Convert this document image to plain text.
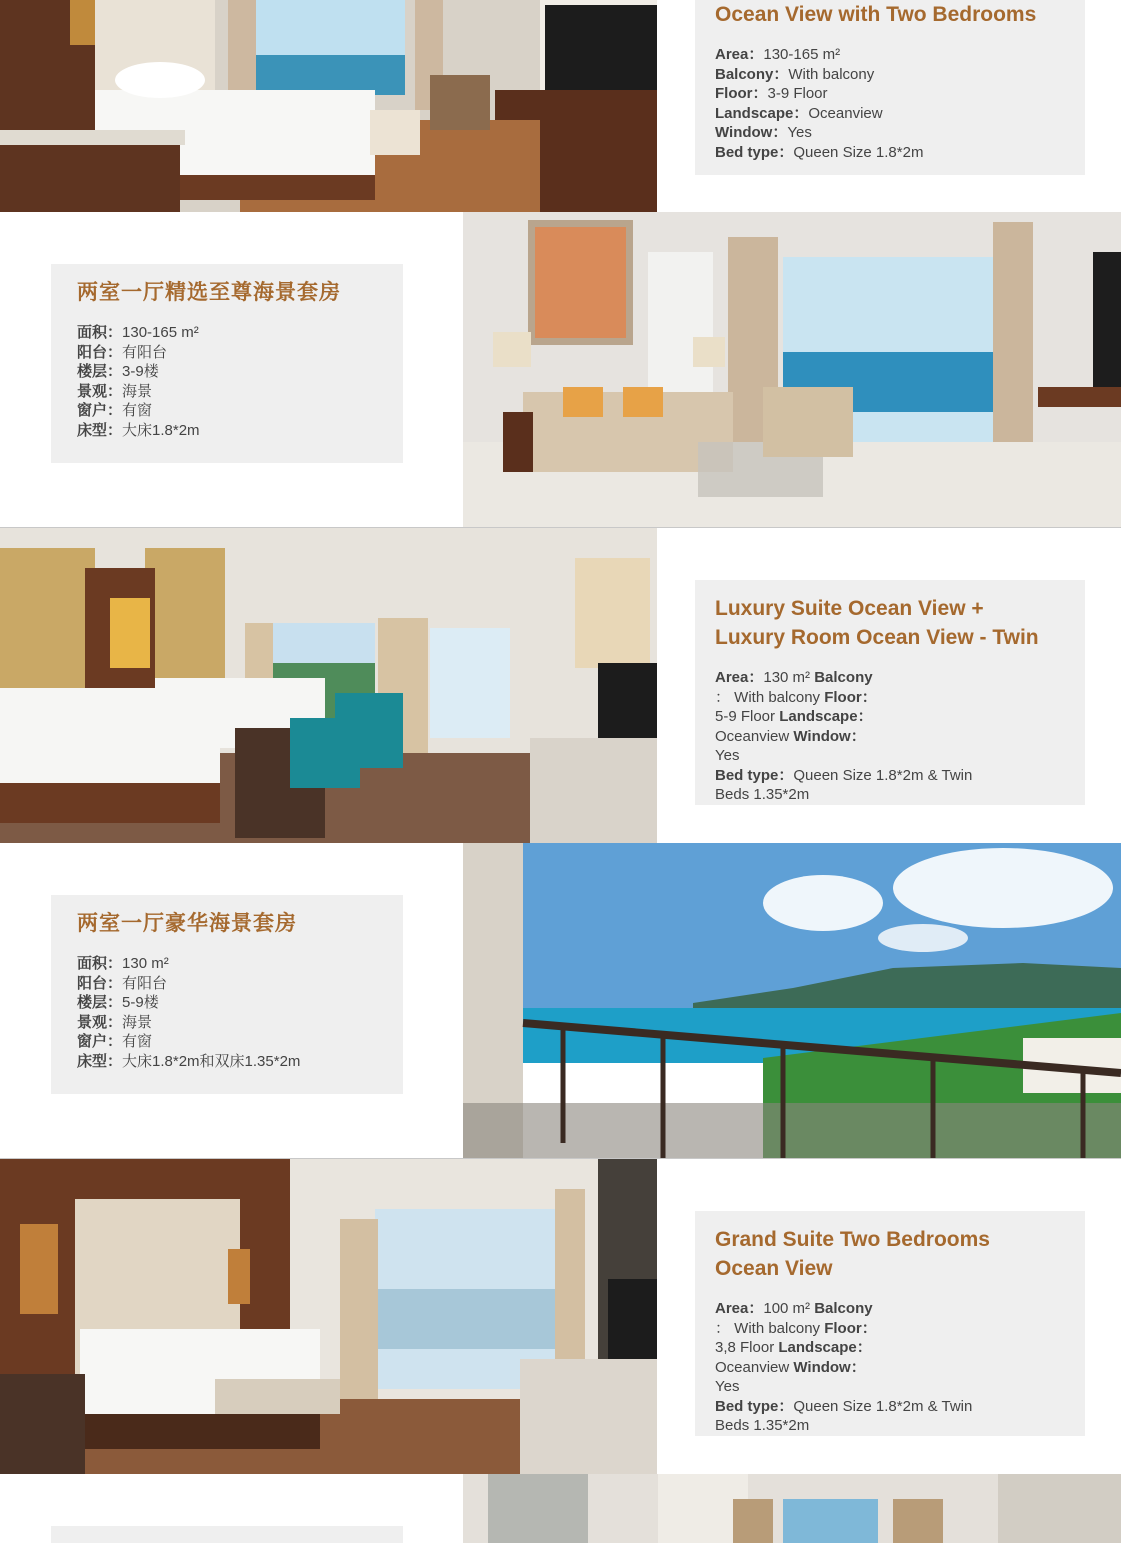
Ocean View with Two Bedrooms

Area：130-165 m²

Balcony：With balcony

Floor：3-9 Floor

Landscape：Oceanview

Window：Yes

Bed type：Queen Size 1.8*2m

两室一厅精选至尊海景套房

面积：130-165 m²

阳台：有阳台

楼层：3-9楼

景观：海景

窗户：有窗

床型：大床1.8*2m

Luxury Suite Ocean View +
Luxury Room Ocean View - Twin

Area：130 m² Balcony

： With balcony Floor：

5-9 Floor Landscape：

Oceanview Window：

Yes

Bed type：Queen Size 1.8*2m & Twin

Beds 1.35*2m

两室一厅豪华海景套房

面积：130 m²

阳台：有阳台

楼层：5-9楼

景观：海景

窗户：有窗

床型：大床1.8*2m和双床1.35*2m

Grand Suite Two Bedrooms
Ocean View

Area：100 m² Balcony

： With balcony Floor：

3,8 Floor Landscape：

Oceanview Window：

Yes

Bed type：Queen Size 1.8*2m & Twin

Beds 1.35*2m
